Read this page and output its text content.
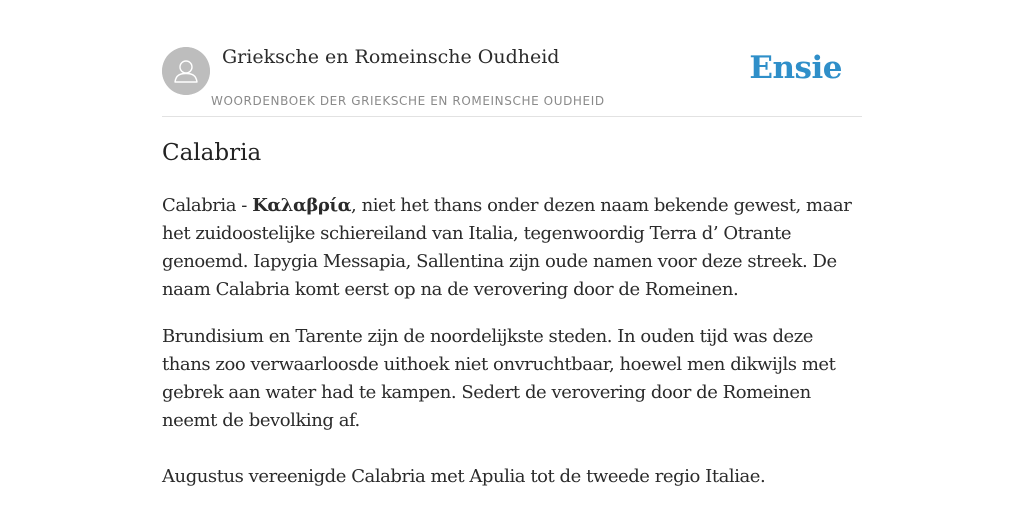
Grieksche en Romeinsche Oudheid
WOORDENBOEK DER GRIEKSCHE EN ROMEINSCHE OUDHEID
Ensie
Calabria

Calabria - Καλαβρία, niet het thans onder dezen naam bekende gewest, maar het zuidoostelijke schiereiland van Italia, tegenwoordig Terra d’ Otrante genoemd. Iapygia Messapia, Sallentina zijn oude namen voor deze streek. De naam Calabria komt eerst op na de verovering door de Romeinen.

Brundisium en Tarente zijn de noordelijkste steden. In ouden tijd was deze thans zoo verwaarloosde uithoek niet onvruchtbaar, hoewel men dikwijls met gebrek aan water had te kampen. Sedert de verovering door de Romeinen neemt de bevolking af.

Augustus vereenigde Calabria met Apulia tot de tweede regio Italiae.
